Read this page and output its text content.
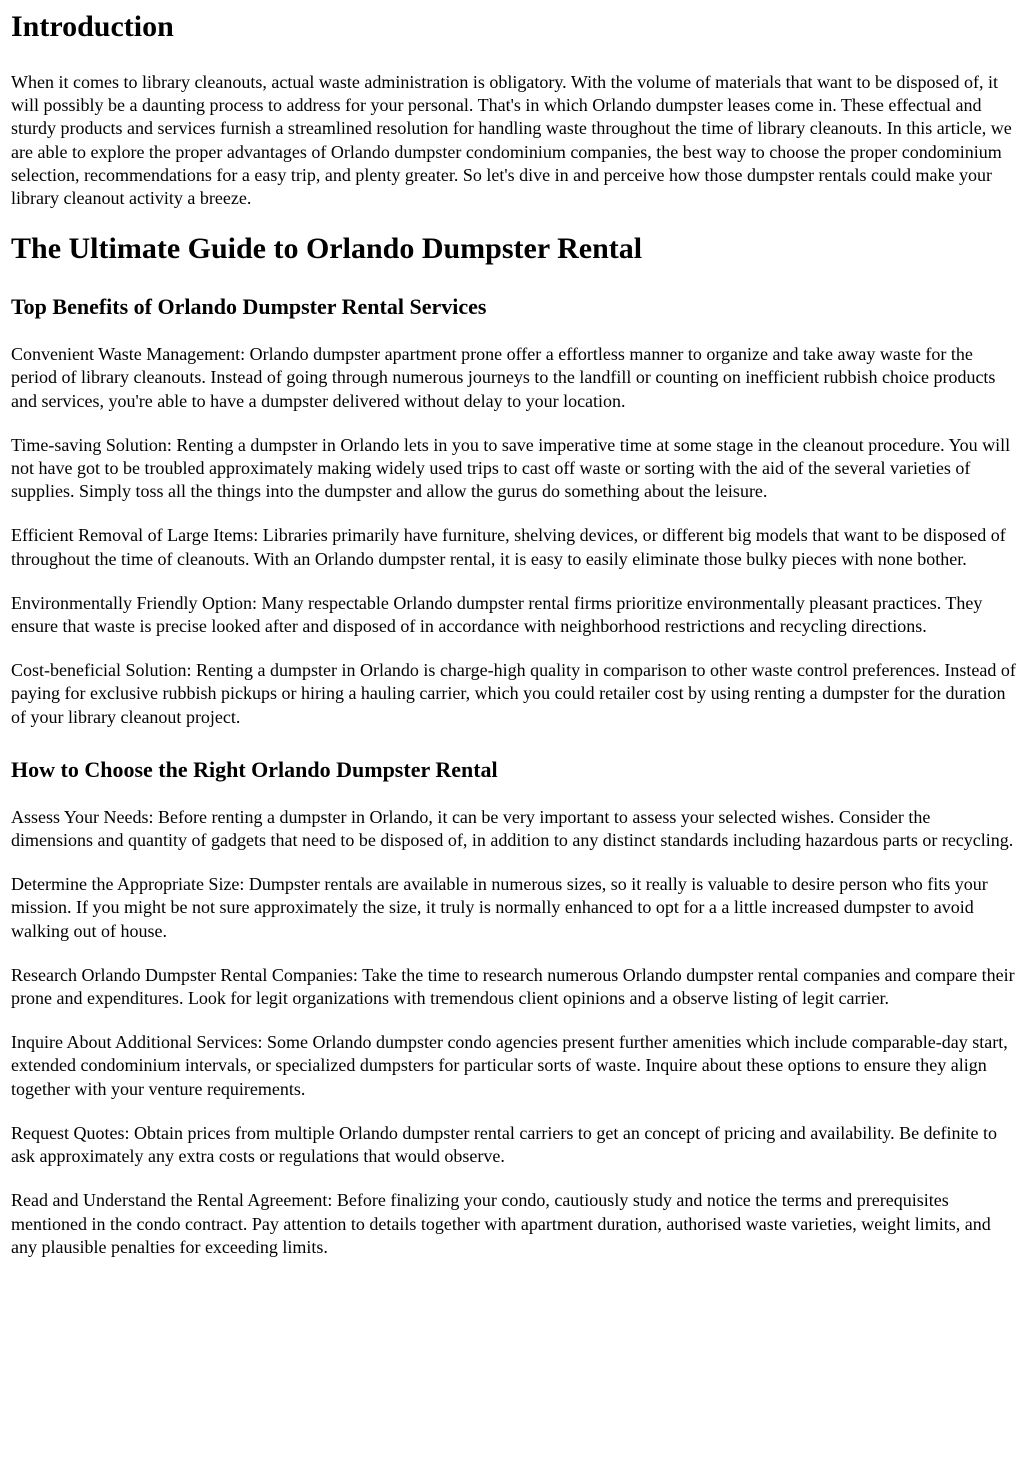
Introduction

When it comes to library cleanouts, actual waste administration is obligatory. With the volume of materials that want to be disposed of, it will possibly be a daunting process to address for your personal. That's in which Orlando dumpster leases come in. These effectual and sturdy products and services furnish a streamlined resolution for handling waste throughout the time of library cleanouts. In this article, we are able to explore the proper advantages of Orlando dumpster condominium companies, the best way to choose the proper condominium selection, recommendations for a easy trip, and plenty greater. So let's dive in and perceive how those dumpster rentals could make your library cleanout activity a breeze.

The Ultimate Guide to Orlando Dumpster Rental
Top Benefits of Orlando Dumpster Rental Services

Convenient Waste Management: Orlando dumpster apartment prone offer a effortless manner to organize and take away waste for the period of library cleanouts. Instead of going through numerous journeys to the landfill or counting on inefficient rubbish choice products and services, you're able to have a dumpster delivered without delay to your location.

Time-saving Solution: Renting a dumpster in Orlando lets in you to save imperative time at some stage in the cleanout procedure. You will not have got to be troubled approximately making widely used trips to cast off waste or sorting with the aid of the several varieties of supplies. Simply toss all the things into the dumpster and allow the gurus do something about the leisure.

Efficient Removal of Large Items: Libraries primarily have furniture, shelving devices, or different big models that want to be disposed of throughout the time of cleanouts. With an Orlando dumpster rental, it is easy to easily eliminate those bulky pieces with none bother.

Environmentally Friendly Option: Many respectable Orlando dumpster rental firms prioritize environmentally pleasant practices. They ensure that waste is precise looked after and disposed of in accordance with neighborhood restrictions and recycling directions.

Cost-beneficial Solution: Renting a dumpster in Orlando is charge-high quality in comparison to other waste control preferences. Instead of paying for exclusive rubbish pickups or hiring a hauling carrier, which you could retailer cost by using renting a dumpster for the duration of your library cleanout project.

How to Choose the Right Orlando Dumpster Rental

Assess Your Needs: Before renting a dumpster in Orlando, it can be very important to assess your selected wishes. Consider the dimensions and quantity of gadgets that need to be disposed of, in addition to any distinct standards including hazardous parts or recycling.

Determine the Appropriate Size: Dumpster rentals are available in numerous sizes, so it really is valuable to desire person who fits your mission. If you might be not sure approximately the size, it truly is normally enhanced to opt for a a little increased dumpster to avoid walking out of house.

Research Orlando Dumpster Rental Companies: Take the time to research numerous Orlando dumpster rental companies and compare their prone and expenditures. Look for legit organizations with tremendous client opinions and a observe listing of legit carrier.

Inquire About Additional Services: Some Orlando dumpster condo agencies present further amenities which include comparable-day start, extended condominium intervals, or specialized dumpsters for particular sorts of waste. Inquire about these options to ensure they align together with your venture requirements.

Request Quotes: Obtain prices from multiple Orlando dumpster rental carriers to get an concept of pricing and availability. Be definite to ask approximately any extra costs or regulations that would observe.

Read and Understand the Rental Agreement: Before finalizing your condo, cautiously study and notice the terms and prerequisites mentioned in the condo contract. Pay attention to details together with apartment duration, authorised waste varieties, weight limits, and any plausible penalties for exceeding limits.
